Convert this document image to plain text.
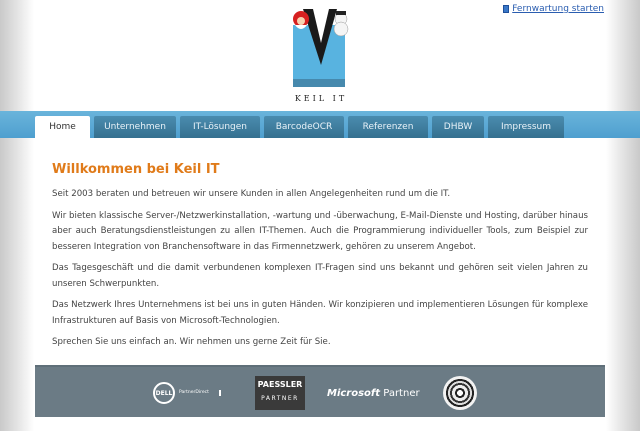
KEIL IT
Fernwartung starten
Home	Unternehmen	IT-Lösungen	BarcodeOCR	Referenzen	DHBW	Impressum
Willkommen bei Keil IT

Seit 2003 beraten und betreuen wir unsere Kunden in allen Angelegenheiten rund um die IT.

Wir bieten klassische Server-/Netzwerkinstallation, -wartung und -überwachung, E-Mail-Dienste und Hosting, darüber hinaus aber auch Beratungsdienstleistungen zu allen IT-Themen. Auch die Programmierung individueller Tools, zum Beispiel zur besseren Integration von Branchensoftware in das Firmennetzwerk, gehören zu unserem Angebot.

Das Tagesgeschäft und die damit verbundenen komplexen IT-Fragen sind uns bekannt und gehören seit vielen Jahren zu unseren Schwerpunkten.

Das Netzwerk Ihres Unternehmens ist bei uns in guten Händen. Wir konzipieren und implementieren Lösungen für komplexe Infrastrukturen auf Basis von Microsoft-Technologien.

Sprechen Sie uns einfach an. Wir nehmen uns gerne Zeit für Sie.

DELL PartnerDirect
PAESSLER
PARTNER	Microsoft Partner
